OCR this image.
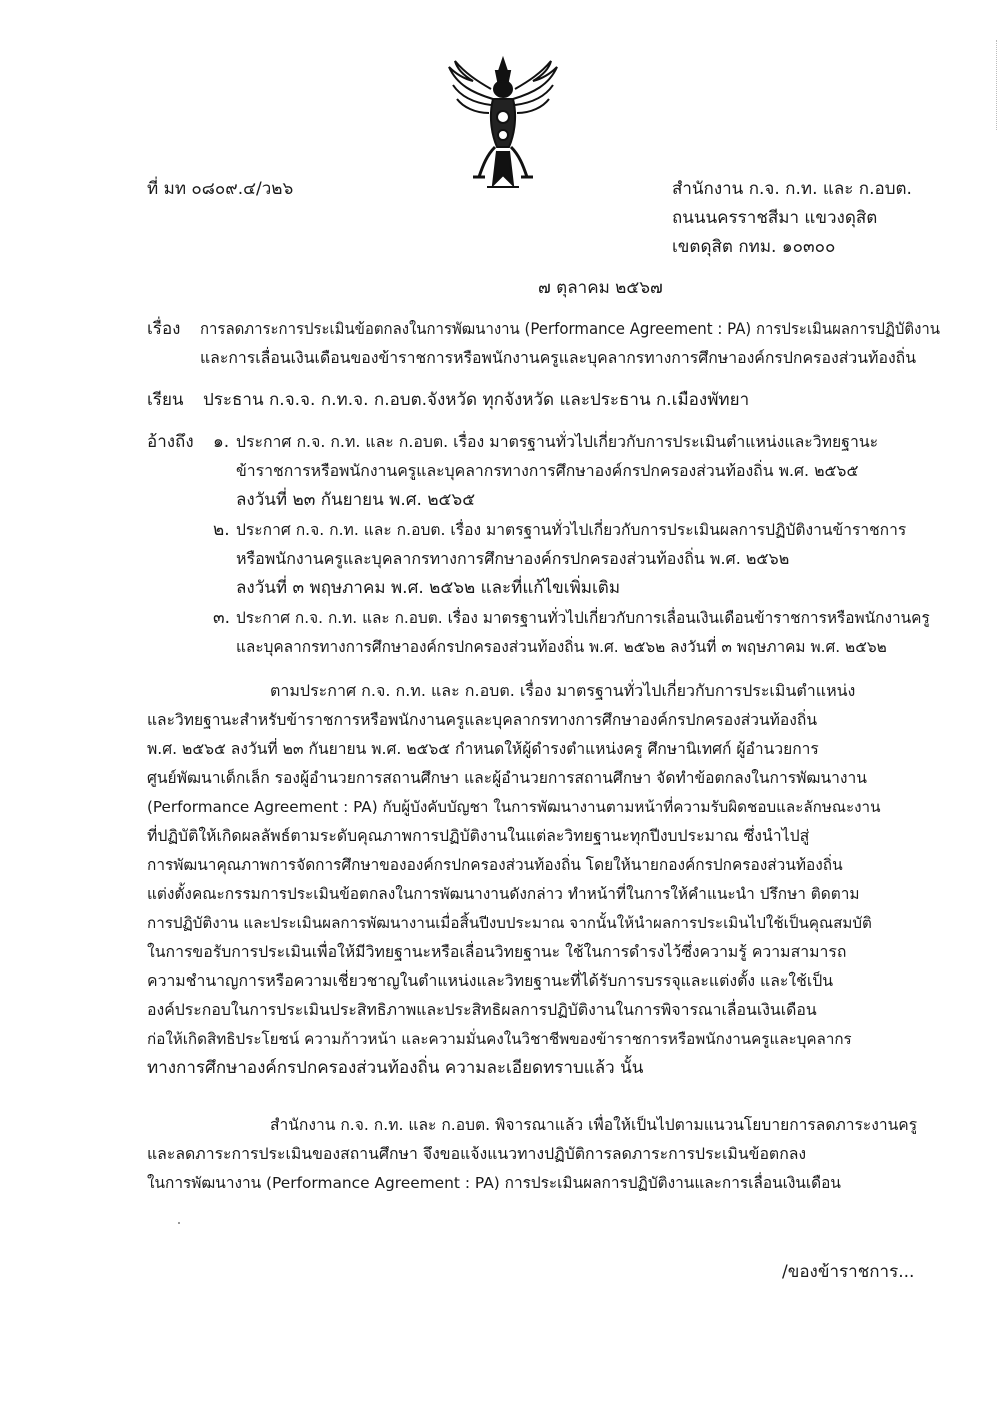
ที่ มท ๐๘๐๙.๔/ว๒๖	สำนักงาน ก.จ. ก.ท. และ ก.อบต.
ถนนนครราชสีมา แขวงดุสิต
เขตดุสิต กทม. ๑๐๓๐๐
๗ ตุลาคม ๒๕๖๗
เรื่อง การลดภาระการประเมินข้อตกลงในการพัฒนางาน (Performance Agreement : PA) การประเมินผลการปฏิบัติงาน
และการเลื่อนเงินเดือนของข้าราชการหรือพนักงานครูและบุคลากรทางการศึกษาองค์กรปกครองส่วนท้องถิ่น
เรียน ประธาน ก.จ.จ. ก.ท.จ. ก.อบต.จังหวัด ทุกจังหวัด และประธาน ก.เมืองพัทยา
อ้างถึง ๑. ประกาศ ก.จ. ก.ท. และ ก.อบต. เรื่อง มาตรฐานทั่วไปเกี่ยวกับการประเมินตำแหน่งและวิทยฐานะ
ข้าราชการหรือพนักงานครูและบุคลากรทางการศึกษาองค์กรปกครองส่วนท้องถิ่น พ.ศ. ๒๕๖๕
ลงวันที่ ๒๓ กันยายน พ.ศ. ๒๕๖๕
๒. ประกาศ ก.จ. ก.ท. และ ก.อบต. เรื่อง มาตรฐานทั่วไปเกี่ยวกับการประเมินผลการปฏิบัติงานข้าราชการ
หรือพนักงานครูและบุคลากรทางการศึกษาองค์กรปกครองส่วนท้องถิ่น พ.ศ. ๒๕๖๒
ลงวันที่ ๓ พฤษภาคม พ.ศ. ๒๕๖๒ และที่แก้ไขเพิ่มเติม
๓. ประกาศ ก.จ. ก.ท. และ ก.อบต. เรื่อง มาตรฐานทั่วไปเกี่ยวกับการเลื่อนเงินเดือนข้าราชการหรือพนักงานครู
และบุคลากรทางการศึกษาองค์กรปกครองส่วนท้องถิ่น พ.ศ. ๒๕๖๒ ลงวันที่ ๓ พฤษภาคม พ.ศ. ๒๕๖๒
ตามประกาศ ก.จ. ก.ท. และ ก.อบต. เรื่อง มาตรฐานทั่วไปเกี่ยวกับการประเมินตำแหน่ง
และวิทยฐานะสำหรับข้าราชการหรือพนักงานครูและบุคลากรทางการศึกษาองค์กรปกครองส่วนท้องถิ่น
พ.ศ. ๒๕๖๕ ลงวันที่ ๒๓ กันยายน พ.ศ. ๒๕๖๕ กำหนดให้ผู้ดำรงตำแหน่งครู ศึกษานิเทศก์ ผู้อำนวยการ
ศูนย์พัฒนาเด็กเล็ก รองผู้อำนวยการสถานศึกษา และผู้อำนวยการสถานศึกษา จัดทำข้อตกลงในการพัฒนางาน
(Performance Agreement : PA) กับผู้บังคับบัญชา ในการพัฒนางานตามหน้าที่ความรับผิดชอบและลักษณะงาน
ที่ปฏิบัติให้เกิดผลลัพธ์ตามระดับคุณภาพการปฏิบัติงานในแต่ละวิทยฐานะทุกปีงบประมาณ ซึ่งนำไปสู่
การพัฒนาคุณภาพการจัดการศึกษาขององค์กรปกครองส่วนท้องถิ่น โดยให้นายกองค์กรปกครองส่วนท้องถิ่น
แต่งตั้งคณะกรรมการประเมินข้อตกลงในการพัฒนางานดังกล่าว ทำหน้าที่ในการให้คำแนะนำ ปรึกษา ติดตาม
การปฏิบัติงาน และประเมินผลการพัฒนางานเมื่อสิ้นปีงบประมาณ จากนั้นให้นำผลการประเมินไปใช้เป็นคุณสมบัติ
ในการขอรับการประเมินเพื่อให้มีวิทยฐานะหรือเลื่อนวิทยฐานะ ใช้ในการดำรงไว้ซึ่งความรู้ ความสามารถ
ความชำนาญการหรือความเชี่ยวชาญในตำแหน่งและวิทยฐานะที่ได้รับการบรรจุและแต่งตั้ง และใช้เป็น
องค์ประกอบในการประเมินประสิทธิภาพและประสิทธิผลการปฏิบัติงานในการพิจารณาเลื่อนเงินเดือน
ก่อให้เกิดสิทธิประโยชน์ ความก้าวหน้า และความมั่นคงในวิชาชีพของข้าราชการหรือพนักงานครูและบุคลากร
ทางการศึกษาองค์กรปกครองส่วนท้องถิ่น ความละเอียดทราบแล้ว นั้น
สำนักงาน ก.จ. ก.ท. และ ก.อบต. พิจารณาแล้ว เพื่อให้เป็นไปตามแนวนโยบายการลดภาระงานครู
และลดภาระการประเมินของสถานศึกษา จึงขอแจ้งแนวทางปฏิบัติการลดภาระการประเมินข้อตกลง
ในการพัฒนางาน (Performance Agreement : PA) การประเมินผลการปฏิบัติงานและการเลื่อนเงินเดือน
/ของข้าราชการ...
